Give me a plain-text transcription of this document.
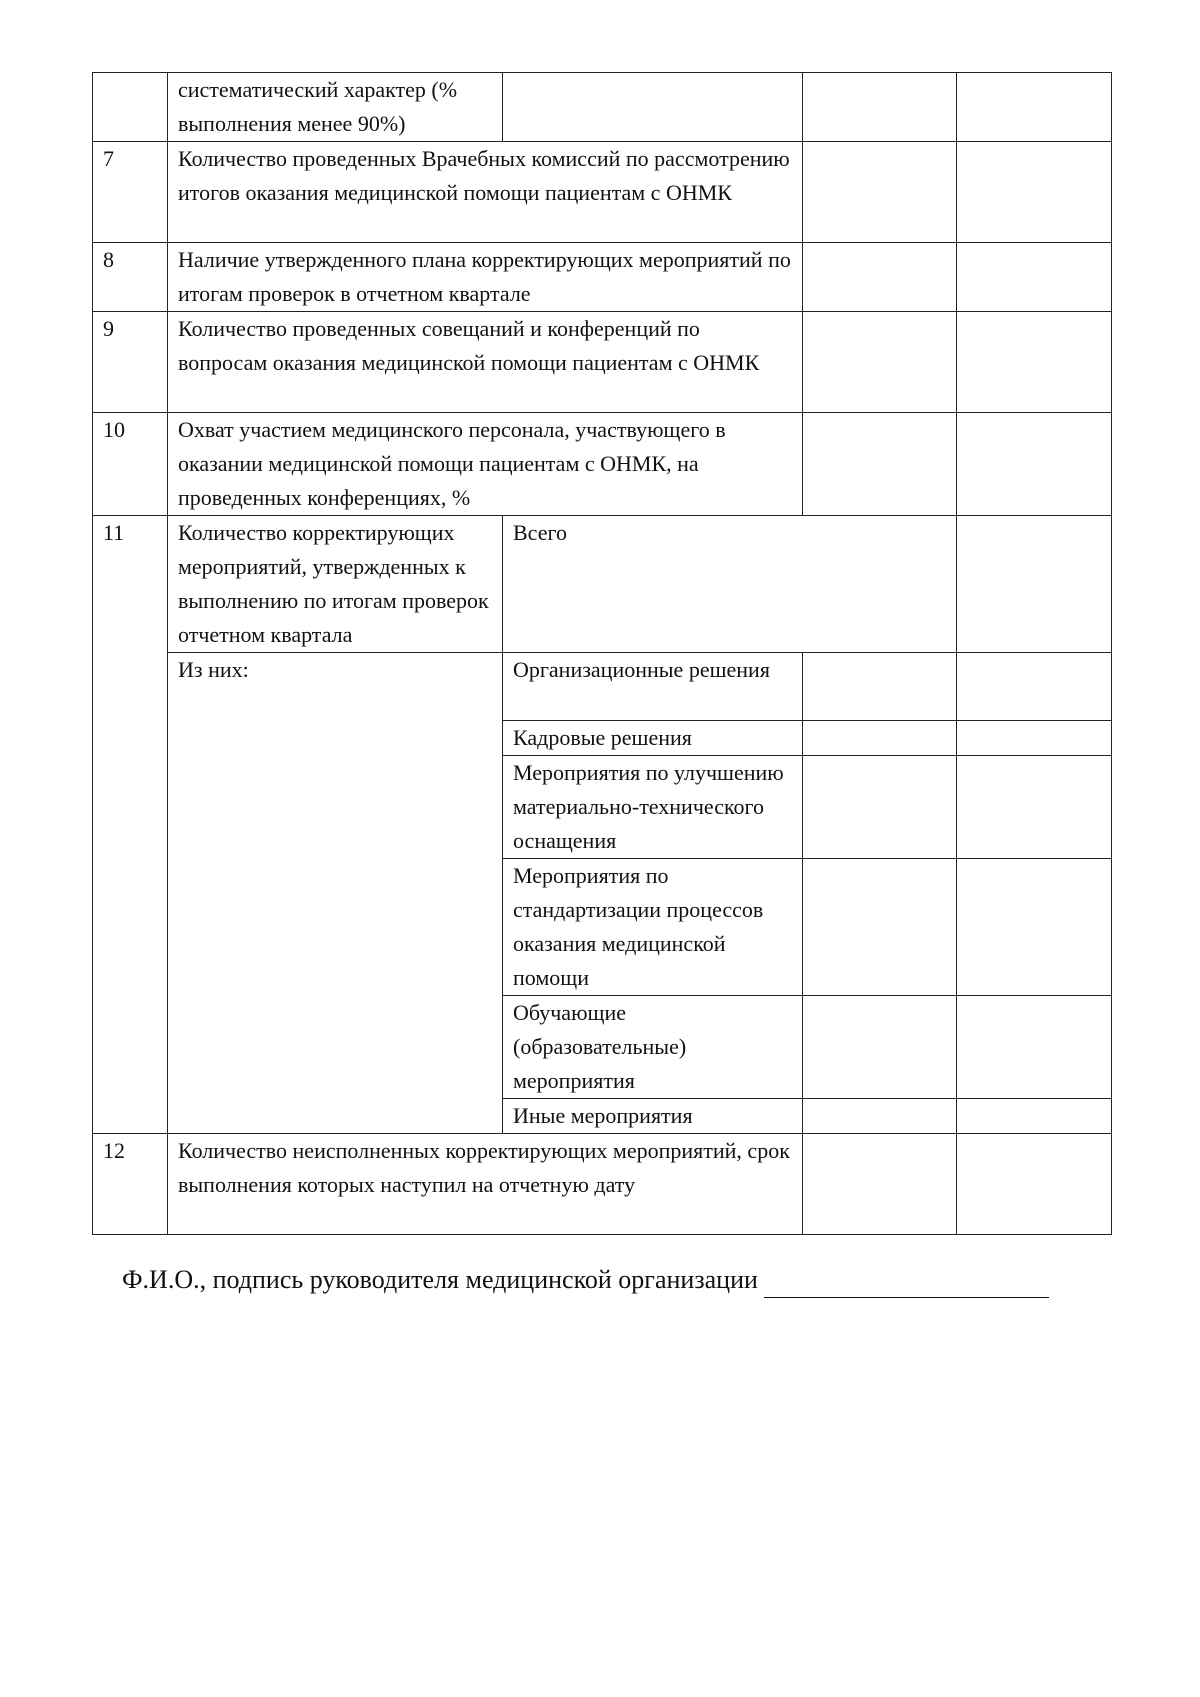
	систематический характер (% выполнения менее 90%)			
7	Количество проведенных Врачебных комиссий по рассмотрению итогов оказания медицинской помощи пациентам с ОНМК			
8	Наличие утвержденного плана корректирующих мероприятий по итогам проверок в отчетном квартале			
9	Количество проведенных совещаний и конференций по вопросам оказания медицинской помощи пациентам с ОНМК			
10	Охват участием медицинского персонала, участвующего в оказании медицинской помощи пациентам с ОНМК, на проведенных конференциях, %			
11	Количество корректирующих мероприятий, утвержденных к выполнению по итогам проверок отчетном квартала	Всего		
	Из них:	Организационные решения		
		Кадровые решения		
		Мероприятия по улучшению материально-технического оснащения		
		Мероприятия по стандартизации процессов оказания медицинской помощи		
		Обучающие (образовательные) мероприятия		
		Иные мероприятия		
12	Количество неисполненных корректирующих мероприятий, срок выполнения которых наступил на отчетную дату			
Ф.И.О., подпись руководителя медицинской организации
